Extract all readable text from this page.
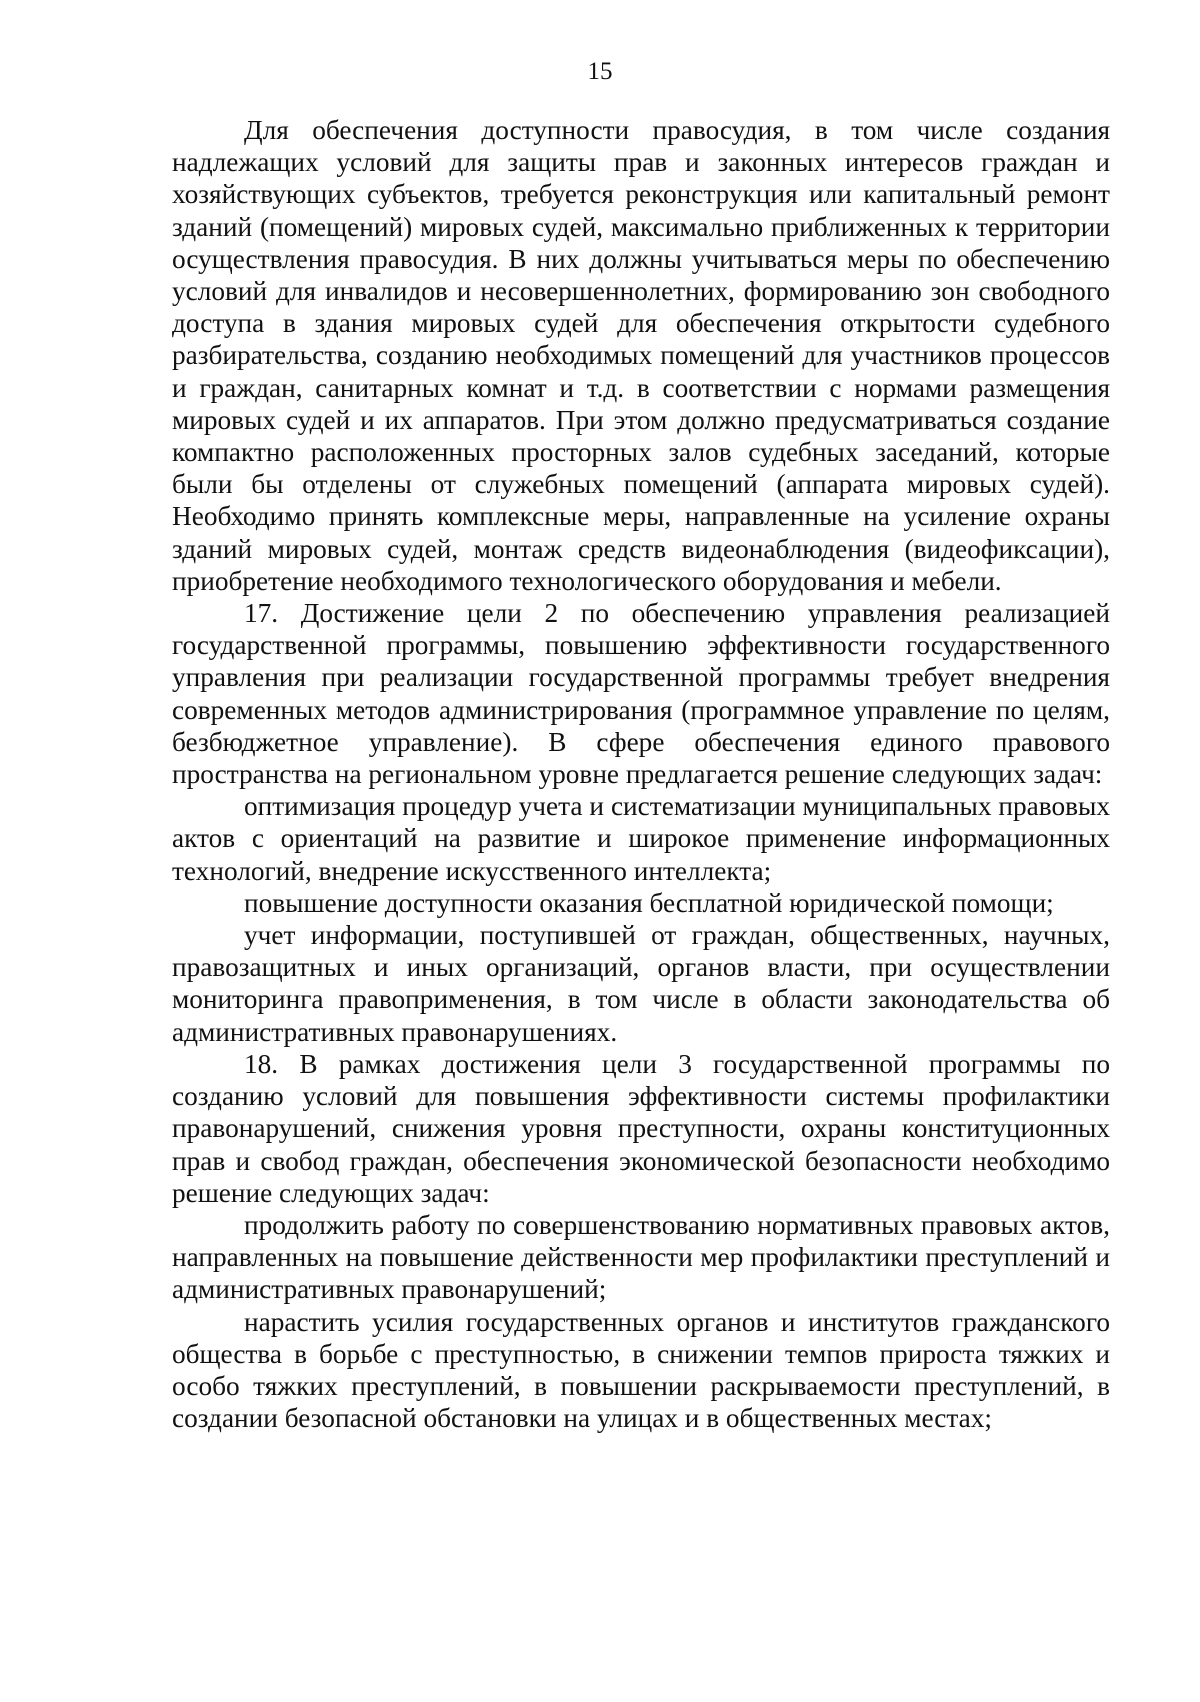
15

Для обеспечения доступности правосудия, в том числе создания надлежащих условий для защиты прав и законных интересов граждан и хозяйствующих субъектов, требуется реконструкция или капитальный ремонт зданий (помещений) мировых судей, максимально приближенных к территории осуществления правосудия. В них должны учитываться меры по обеспечению условий для инвалидов и несовершеннолетних, формированию зон свободного доступа в здания мировых судей для обеспечения открытости судебного разбирательства, созданию необходимых помещений для участников процессов и граждан, санитарных комнат и т.д. в соответствии с нормами размещения мировых судей и их аппаратов. При этом должно предусматриваться создание компактно расположенных просторных залов судебных заседаний, которые были бы отделены от служебных помещений (аппарата мировых судей). Необходимо принять комплексные меры, направленные на усиление охраны зданий мировых судей, монтаж средств видеонаблюдения (видеофиксации), приобретение необходимого технологического оборудования и мебели.

17. Достижение цели 2 по обеспечению управления реализацией государственной программы, повышению эффективности государственного управления при реализации государственной программы требует внедрения современных методов администрирования (программное управление по целям, безбюджетное управление). В сфере обеспечения единого правового пространства на региональном уровне предлагается решение следующих задач:

оптимизация процедур учета и систематизации муниципальных правовых актов с ориентаций на развитие и широкое применение информационных технологий, внедрение искусственного интеллекта;

повышение доступности оказания бесплатной юридической помощи;

учет информации, поступившей от граждан, общественных, научных, правозащитных и иных организаций, органов власти, при осуществлении мониторинга правоприменения, в том числе в области законодательства об административных правонарушениях.

18. В рамках достижения цели 3 государственной программы по созданию условий для повышения эффективности системы профилактики правонарушений, снижения уровня преступности, охраны конституционных прав и свобод граждан, обеспечения экономической безопасности необходимо решение следующих задач:

продолжить работу по совершенствованию нормативных правовых актов, направленных на повышение действенности мер профилактики преступлений и административных правонарушений;

нарастить усилия государственных органов и институтов гражданского общества в борьбе с преступностью, в снижении темпов прироста тяжких и особо тяжких преступлений, в повышении раскрываемости преступлений, в создании безопасной обстановки на улицах и в общественных местах;
